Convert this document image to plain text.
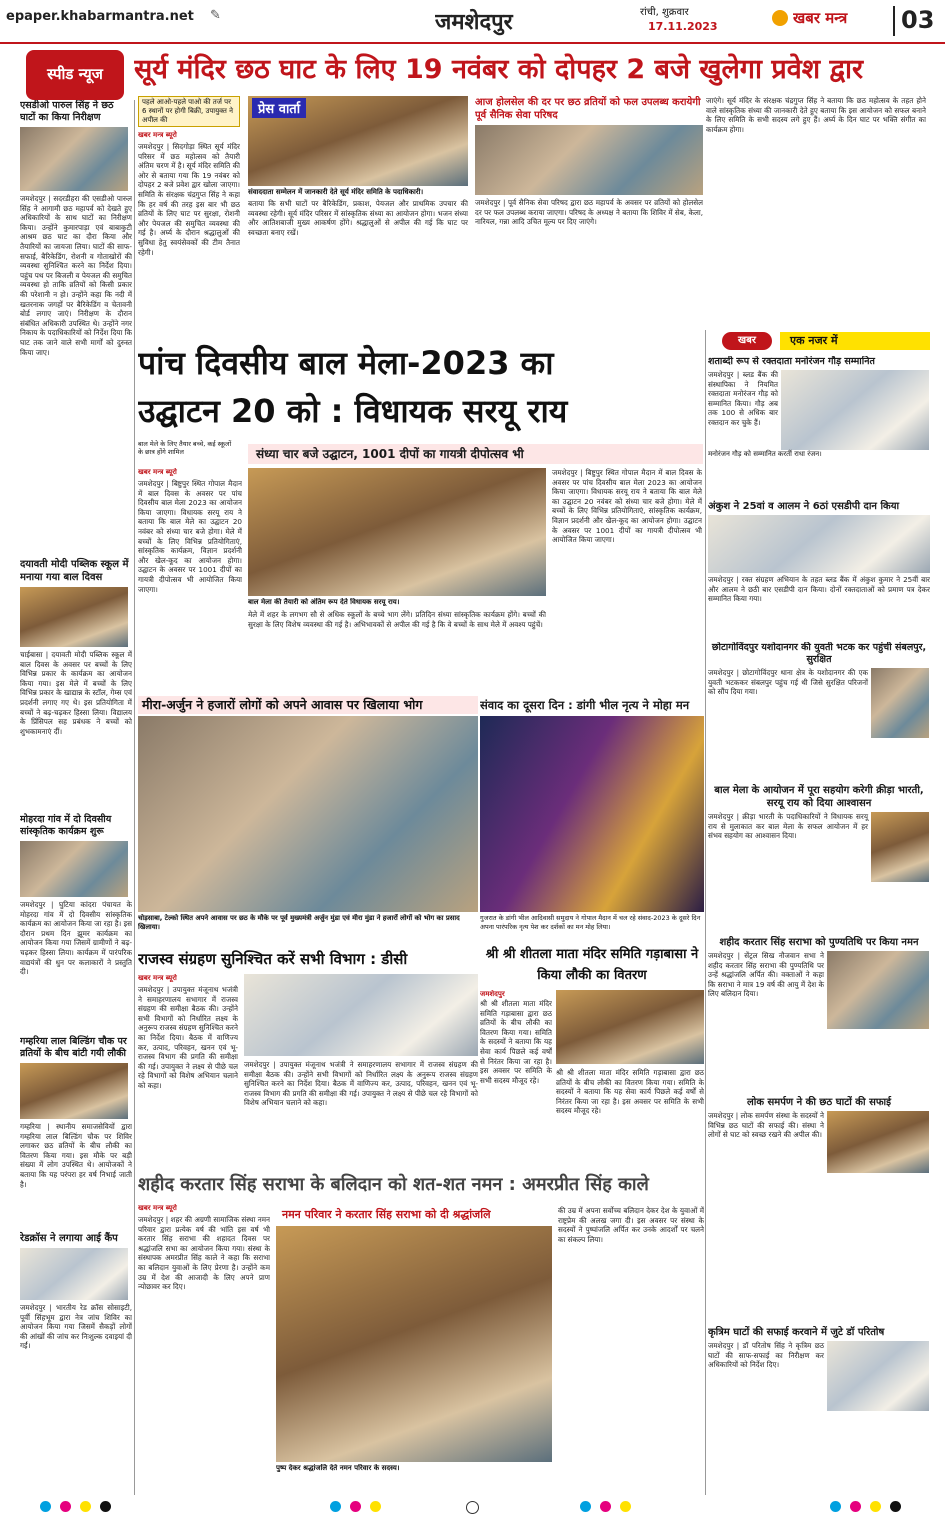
epaper.khabarmantra.net	✎	जमशेदपुर	रांची, शुक्रवार
17.11.2023	खबर मन्त्र	03
स्पीड न्यूज	सूर्य मंदिर छठ घाट के लिए 19 नवंबर को दोपहर 2 बजे खुलेगा प्रवेश द्वार
एसडीओ पारुल सिंह ने छठ घाटों का किया निरीक्षण
जमशेदपुर | सदरडीहरा की एसडीओ पारुल सिंह ने आगामी छठ महापर्व को देखते हुए अधिकारियों के साथ घाटों का निरीक्षण किया। उन्होंने कुमारपाड़ा एवं बाबाकुटी आश्रम छठ घाट का दौरा किया और तैयारियों का जायजा लिया। घाटों की साफ-सफाई, बैरिकेडिंग, रोशनी व गोताखोरों की व्यवस्था सुनिश्चित करने का निर्देश दिया। पहुंच पथ पर बिजली व पेयजल की समुचित व्यवस्था हो ताकि व्रतियों को किसी प्रकार की परेशानी न हो। उन्होंने कहा कि नदी में खतरनाक जगहों पर बैरिकेडिंग व चेतावनी बोर्ड लगाए जाएं। निरीक्षण के दौरान संबंधित अधिकारी उपस्थित थे। उन्होंने नगर निकाय के पदाधिकारियों को निर्देश दिया कि घाट तक जाने वाले सभी मार्गों को दुरुस्त किया जाए।
दयावती मोदी पब्लिक स्कूल में मनाया गया बाल दिवस
चाईबासा | दयावती मोदी पब्लिक स्कूल में बाल दिवस के अवसर पर बच्चों के लिए विभिन्न प्रकार के कार्यक्रम का आयोजन किया गया। इस मेले में बच्चों के लिए विभिन्न प्रकार के खाद्यान्न के स्टॉल, गेम्स एवं प्रदर्शनी लगाए गए थे। इस प्रतियोगिता में बच्चों ने बढ़-चढ़कर हिस्सा लिया। विद्यालय के प्रिंसिपल सह प्रबंधक ने बच्चों को शुभकामनाएं दीं।
मोहरदा गांव में दो दिवसीय सांस्कृतिक कार्यक्रम शुरू
जमशेदपुर | घुटिया कांदरा पंचायत के मोहरदा गांव में दो दिवसीय सांस्कृतिक कार्यक्रम का आयोजन किया जा रहा है। इस दौरान प्रथम दिन झूमर कार्यक्रम का आयोजन किया गया जिसमें ग्रामीणों ने बढ़-चढ़कर हिस्सा लिया। कार्यक्रम में पारंपरिक वाद्ययंत्रों की धुन पर कलाकारों ने प्रस्तुति दी।
गम्हरिया लाल बिल्डिंग चौक पर व्रतियों के बीच बांटी गयी लौकी
गम्हरिया | स्थानीय समाजसेवियों द्वारा गम्हरिया लाल बिल्डिंग चौक पर शिविर लगाकर छठ व्रतियों के बीच लौकी का वितरण किया गया। इस मौके पर बड़ी संख्या में लोग उपस्थित थे। आयोजकों ने बताया कि यह परंपरा हर वर्ष निभाई जाती है।
रेडक्रॉस ने लगाया आई कैंप
जमशेदपुर | भारतीय रेड क्रॉस सोसाइटी, पूर्वी सिंहभूम द्वारा नेत्र जांच शिविर का आयोजन किया गया जिसमें सैकड़ों लोगों की आंखों की जांच कर निःशुल्क दवाइयां दी गईं।
पहले आओ-पहले पाओ की तर्ज पर 6 स्थानों पर होगी बिक्री, उपायुक्त ने अपील की
खबर मन्त्र ब्यूरो
जमशेदपुर | सिदगोड़ा स्थित सूर्य मंदिर परिसर में छठ महोत्सव को तैयारी अंतिम चरण में है। सूर्य मंदिर समिति की ओर से बताया गया कि 19 नवंबर को दोपहर 2 बजे प्रवेश द्वार खोला जाएगा। समिति के संरक्षक चंद्रगुप्त सिंह ने कहा कि हर वर्ष की तरह इस बार भी छठ व्रतियों के लिए घाट पर सुरक्षा, रोशनी और पेयजल की समुचित व्यवस्था की गई है। अर्घ्य के दौरान श्रद्धालुओं की सुविधा हेतु स्वयंसेवकों की टीम तैनात रहेगी।
प्रेस वार्ता
संवाददाता सम्मेलन में जानकारी देते सूर्य मंदिर समिति के पदाधिकारी।
बताया कि सभी घाटों पर बैरिकेडिंग, प्रकाश, पेयजल और प्राथमिक उपचार की व्यवस्था रहेगी। सूर्य मंदिर परिसर में सांस्कृतिक संध्या का आयोजन होगा। भजन संध्या और आतिशबाजी मुख्य आकर्षण होंगे। श्रद्धालुओं से अपील की गई कि घाट पर स्वच्छता बनाए रखें।
आज होलसेल की दर पर छठ व्रतियों को फल उपलब्ध करायेगी पूर्व सैनिक सेवा परिषद
जमशेदपुर | पूर्व सैनिक सेवा परिषद द्वारा छठ महापर्व के अवसर पर व्रतियों को होलसेल दर पर फल उपलब्ध कराया जाएगा। परिषद के अध्यक्ष ने बताया कि शिविर में सेब, केला, नारियल, गन्ना आदि उचित मूल्य पर दिए जाएंगे।
जाएंगे। सूर्य मंदिर के संरक्षक चंद्रगुप्त सिंह ने बताया कि छठ महोत्सव के तहत होने वाले सांस्कृतिक संध्या की जानकारी देते हुए बताया कि इस आयोजन को सफल बनाने के लिए समिति के सभी सदस्य लगे हुए हैं। अर्घ्य के दिन घाट पर भक्ति संगीत का कार्यक्रम होगा।
पांच दिवसीय बाल मेला-2023 का
उद्घाटन 20 को : विधायक सरयू राय
बाल मेले के लिए तैयार बच्चे, कई स्कूलों के छात्र होंगे शामिल	संध्या चार बजे उद्घाटन, 1001 दीपों का गायत्री दीपोत्सव भी
खबर मन्त्र ब्यूरो
जमशेदपुर | बिष्टुपुर स्थित गोपाल मैदान में बाल दिवस के अवसर पर पांच दिवसीय बाल मेला 2023 का आयोजन किया जाएगा। विधायक सरयू राय ने बताया कि बाल मेले का उद्घाटन 20 नवंबर को संध्या चार बजे होगा। मेले में बच्चों के लिए विभिन्न प्रतियोगिताएं, सांस्कृतिक कार्यक्रम, विज्ञान प्रदर्शनी और खेल-कूद का आयोजन होगा। उद्घाटन के अवसर पर 1001 दीपों का गायत्री दीपोत्सव भी आयोजित किया जाएगा।
बाल मेला की तैयारी को अंतिम रूप देते विधायक सरयू राय।
मेले में शहर के लगभग सौ से अधिक स्कूलों के बच्चे भाग लेंगे। प्रतिदिन संध्या सांस्कृतिक कार्यक्रम होंगे। बच्चों की सुरक्षा के लिए विशेष व्यवस्था की गई है। अभिभावकों से अपील की गई है कि वे बच्चों के साथ मेले में अवश्य पहुंचें।
जमशेदपुर | बिष्टुपुर स्थित गोपाल मैदान में बाल दिवस के अवसर पर पांच दिवसीय बाल मेला 2023 का आयोजन किया जाएगा। विधायक सरयू राय ने बताया कि बाल मेले का उद्घाटन 20 नवंबर को संध्या चार बजे होगा। मेले में बच्चों के लिए विभिन्न प्रतियोगिताएं, सांस्कृतिक कार्यक्रम, विज्ञान प्रदर्शनी और खेल-कूद का आयोजन होगा। उद्घाटन के अवसर पर 1001 दीपों का गायत्री दीपोत्सव भी आयोजित किया जाएगा।
मीरा-अर्जुन ने हजारों लोगों को अपने आवास पर खिलाया भोग
चोड़साबा, टेल्को स्थित अपने आवास पर छठ के मौके पर पूर्व मुख्यमंत्री अर्जुन मुंडा एवं मीरा मुंडा ने हजारों लोगों को भोग का प्रसाद खिलाया।
संवाद का दूसरा दिन : डांगी भील नृत्य ने मोहा मन
गुजरात के डांगी भील आदिवासी समुदाय ने गोपाल मैदान में चल रहे संवाद-2023 के दूसरे दिन अपना पारंपरिक नृत्य पेश कर दर्शकों का मन मोह लिया।
राजस्व संग्रहण सुनिश्चित करें सभी विभाग : डीसी
खबर मन्त्र ब्यूरो
जमशेदपुर | उपायुक्त मंजूनाथ भजंत्री ने समाहरणालय सभागार में राजस्व संग्रहण की समीक्षा बैठक की। उन्होंने सभी विभागों को निर्धारित लक्ष्य के अनुरूप राजस्व संग्रहण सुनिश्चित करने का निर्देश दिया। बैठक में वाणिज्य कर, उत्पाद, परिवहन, खनन एवं भू-राजस्व विभाग की प्रगति की समीक्षा की गई। उपायुक्त ने लक्ष्य से पीछे चल रहे विभागों को विशेष अभियान चलाने को कहा।
जमशेदपुर | उपायुक्त मंजूनाथ भजंत्री ने समाहरणालय सभागार में राजस्व संग्रहण की समीक्षा बैठक की। उन्होंने सभी विभागों को निर्धारित लक्ष्य के अनुरूप राजस्व संग्रहण सुनिश्चित करने का निर्देश दिया। बैठक में वाणिज्य कर, उत्पाद, परिवहन, खनन एवं भू-राजस्व विभाग की प्रगति की समीक्षा की गई। उपायुक्त ने लक्ष्य से पीछे चल रहे विभागों को विशेष अभियान चलाने को कहा।
श्री श्री शीतला माता मंदिर समिति गड़ाबासा ने किया लौकी का वितरण
जमशेदपुर
श्री श्री शीतला माता मंदिर समिति गड़ाबासा द्वारा छठ व्रतियों के बीच लौकी का वितरण किया गया। समिति के सदस्यों ने बताया कि यह सेवा कार्य पिछले कई वर्षों से निरंतर किया जा रहा है। इस अवसर पर समिति के सभी सदस्य मौजूद रहे।
श्री श्री शीतला माता मंदिर समिति गड़ाबासा द्वारा छठ व्रतियों के बीच लौकी का वितरण किया गया। समिति के सदस्यों ने बताया कि यह सेवा कार्य पिछले कई वर्षों से निरंतर किया जा रहा है। इस अवसर पर समिति के सभी सदस्य मौजूद रहे।
शहीद करतार सिंह सराभा के बलिदान को शत-शत नमन : अमरप्रीत सिंह काले
खबर मन्त्र ब्यूरो
जमशेदपुर | शहर की अग्रणी सामाजिक संस्था नमन परिवार द्वारा प्रत्येक वर्ष की भांति इस वर्ष भी करतार सिंह सराभा की शहादत दिवस पर श्रद्धांजलि सभा का आयोजन किया गया। संस्था के संस्थापक अमरप्रीत सिंह काले ने कहा कि सराभा का बलिदान युवाओं के लिए प्रेरणा है। उन्होंने कम उम्र में देश की आजादी के लिए अपने प्राण न्योछावर कर दिए।
नमन परिवार ने करतार सिंह सराभा को दी श्रद्धांजलि
पुष्प देकर श्रद्धांजलि देते नमन परिवार के सदस्य।
की उम्र में अपना सर्वोच्च बलिदान देकर देश के युवाओं में राष्ट्रप्रेम की अलख जगा दी। इस अवसर पर संस्था के सदस्यों ने पुष्पांजलि अर्पित कर उनके आदर्शों पर चलने का संकल्प लिया।
खबर	एक नजर में
शताब्दी रूप से रक्तदाता मनोरंजन गौड़ सम्मानित
जमशेदपुर | ब्लड बैंक की संस्थापिका ने नियमित रक्तदाता मनोरंजन गौड़ को सम्मानित किया। गौड़ अब तक 100 से अधिक बार रक्तदान कर चुके हैं।
मनोरंजन गौड़ को सम्मानित करतीं राधा रंजन।
अंकुश ने 25वां व आलम ने 6ठां एसडीपी दान किया
जमशेदपुर | रक्त संग्रहण अभियान के तहत ब्लड बैंक में अंकुश कुमार ने 25वीं बार और आलम ने छठी बार एसडीपी दान किया। दोनों रक्तदाताओं को प्रमाण पत्र देकर सम्मानित किया गया।
छोटागोविंदपुर यशोदानगर की युवती भटक कर पहुंची संबलपुर, सुरक्षित
जमशेदपुर | छोटागोविंदपुर थाना क्षेत्र के यशोदानगर की एक युवती भटककर संबलपुर पहुंच गई थी जिसे सुरक्षित परिजनों को सौंप दिया गया।
बाल मेला के आयोजन में पूरा सहयोग करेगी क्रीड़ा भारती, सरयू राय को दिया आश्वासन
जमशेदपुर | क्रीड़ा भारती के पदाधिकारियों ने विधायक सरयू राय से मुलाकात कर बाल मेला के सफल आयोजन में हर संभव सहयोग का आश्वासन दिया।
शहीद करतार सिंह सराभा को पुण्यतिथि पर किया नमन
जमशेदपुर | सेंट्रल सिख नौजवान सभा ने शहीद करतार सिंह सराभा की पुण्यतिथि पर उन्हें श्रद्धांजलि अर्पित की। वक्ताओं ने कहा कि सराभा ने मात्र 19 वर्ष की आयु में देश के लिए बलिदान दिया।
लोक समर्पण ने की छठ घाटों की सफाई
जमशेदपुर | लोक समर्पण संस्था के सदस्यों ने विभिन्न छठ घाटों की सफाई की। संस्था ने लोगों से घाट को स्वच्छ रखने की अपील की।
कृत्रिम घाटों की सफाई करवाने में जुटे डॉ परितोष
जमशेदपुर | डॉ परितोष सिंह ने कृत्रिम छठ घाटों की साफ-सफाई का निरीक्षण कर अधिकारियों को निर्देश दिए।
